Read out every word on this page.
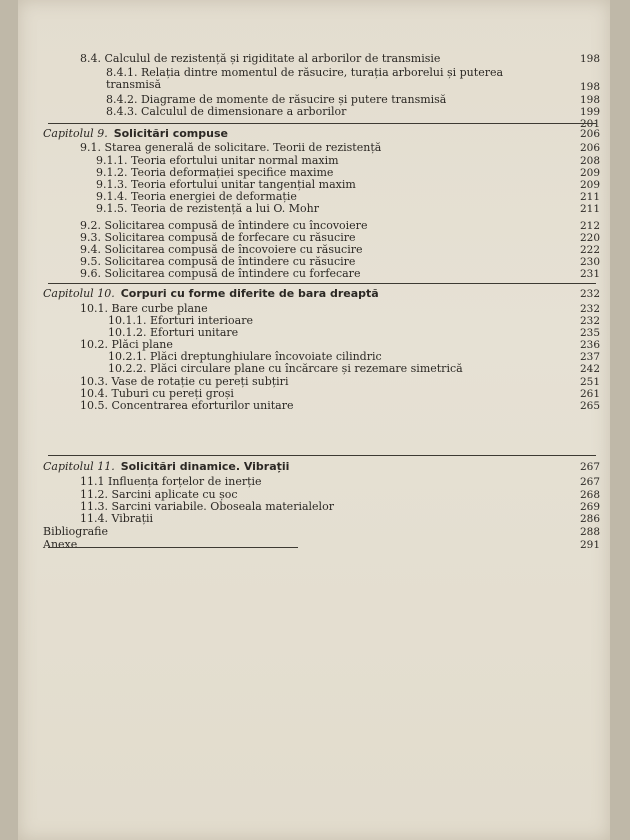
8.4. Calculul de rezistență și rigiditate al arborilor de transmisie	198
8.4.1. Relația dintre momentul de răsucire, turația arborelui și puterea transmisă	198
8.4.2. Diagrame de momente de răsucire și putere transmisă	198
8.4.3. Calculul de dimensionare a arborilor	199
201
Capitolul 9. Solicitări compuse	206
9.1. Starea generală de solicitare. Teorii de rezistență	206
9.1.1. Teoria efortului unitar normal maxim	208
9.1.2. Teoria deformației specifice maxime	209
9.1.3. Teoria efortului unitar tangențial maxim	209
9.1.4. Teoria energiei de deformație	211
9.1.5. Teoria de rezistență a lui O. Mohr	211
9.2. Solicitarea compusă de întindere cu încovoiere	212
9.3. Solicitarea compusă de forfecare cu răsucire	220
9.4. Solicitarea compusă de încovoiere cu răsucire	222
9.5. Solicitarea compusă de întindere cu răsucire	230
9.6. Solicitarea compusă de întindere cu forfecare	231
Capitolul 10. Corpuri cu forme diferite de bara dreaptă	232
10.1. Bare curbe plane	232
10.1.1. Eforturi interioare	232
10.1.2. Eforturi unitare	235
10.2. Plăci plane	236
10.2.1. Plăci dreptunghiulare încovoiate cilindric	237
10.2.2. Plăci circulare plane cu încărcare și rezemare simetrică	242
10.3. Vase de rotație cu pereți subțiri	251
10.4. Tuburi cu pereți groși	261
10.5. Concentrarea eforturilor unitare	265
Capitolul 11. Solicitări dinamice. Vibrații	267
11.1 Influența forțelor de inerție	267
11.2. Sarcini aplicate cu șoc	268
11.3. Sarcini variabile. Oboseala materialelor	269
11.4. Vibrații	286
Bibliografie	288
Anexe	291
